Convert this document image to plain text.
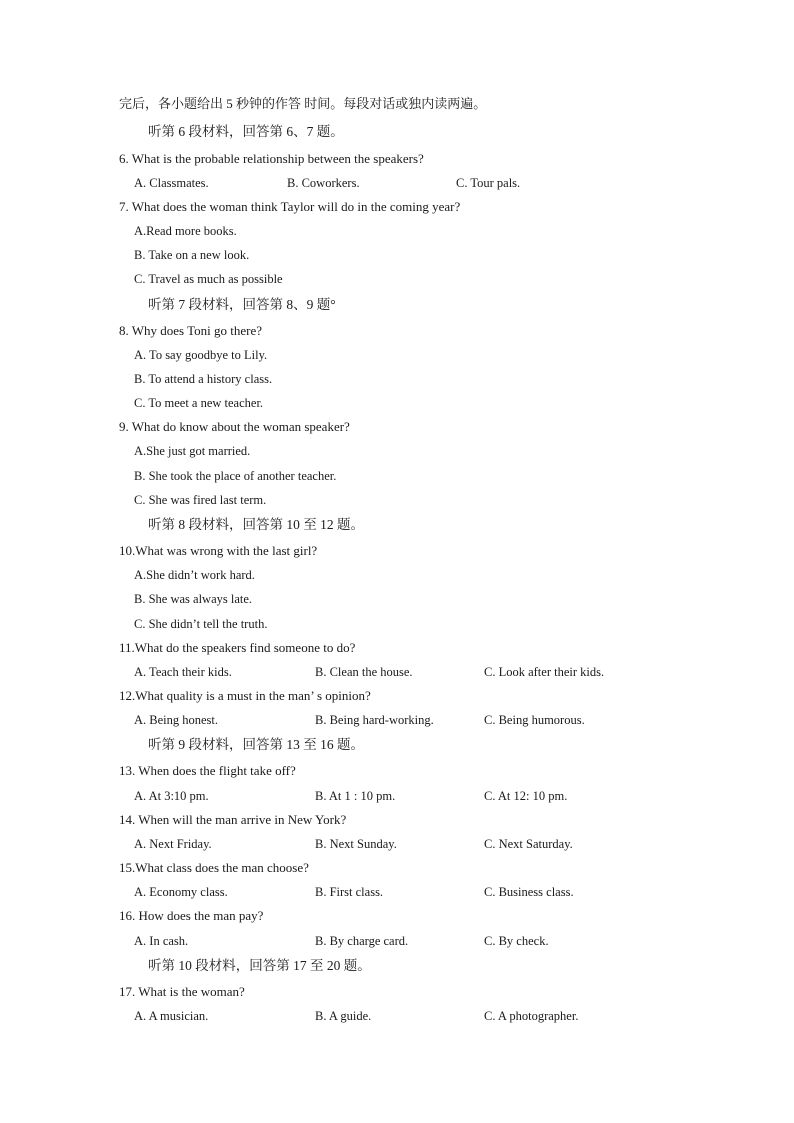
完后，各小题给出 5 秒钟的作答 时间。每段对话或独内读两遍。
听第 6 段材料，回答第 6、7 题。
6. What is the probable relationship between the speakers?
A. Classmates.	B. Coworkers.	C. Tour pals.
7. What does the woman think Taylor will do in the coming year?
A.Read more books.
B. Take on a new look.
C. Travel as much as possible
听第 7 段材料，回答第 8、9 题°
8. Why does Toni go there?
A. To say goodbye to Lily.
B. To attend a history class.
C. To meet a new teacher.
9. What do know about the woman speaker?
A.She just got married.
B. She took the place of another teacher.
C. She was fired last term.
听第 8 段材料，回答第 10 至 12 题。
10.What was wrong with the last girl?
A.She didn’t work hard.
B. She was always late.
C. She didn’t tell the truth.
11.What do the speakers find someone to do?
A. Teach their kids.	B. Clean the house.	C. Look after their kids.
12.What quality is a must in the man’ s opinion?
A. Being honest.	B. Being hard-working.	C. Being humorous.
听第 9 段材料，回答第 13 至 16 题。
13. When does the flight take off?
A. At 3:10 pm.	B. At 1 : 10 pm.	C. At 12: 10 pm.
14. When will the man arrive in New York?
A. Next Friday.	B. Next Sunday.	C. Next Saturday.
15.What class does the man choose?
A. Economy class.	B. First class.	C. Business class.
16. How does the man pay?
A. In cash.	B. By charge card.	C. By check.
听第 10 段材料，回答第 17 至 20 题。
17. What is the woman?
A. A musician.	B. A guide.	C. A photographer.
